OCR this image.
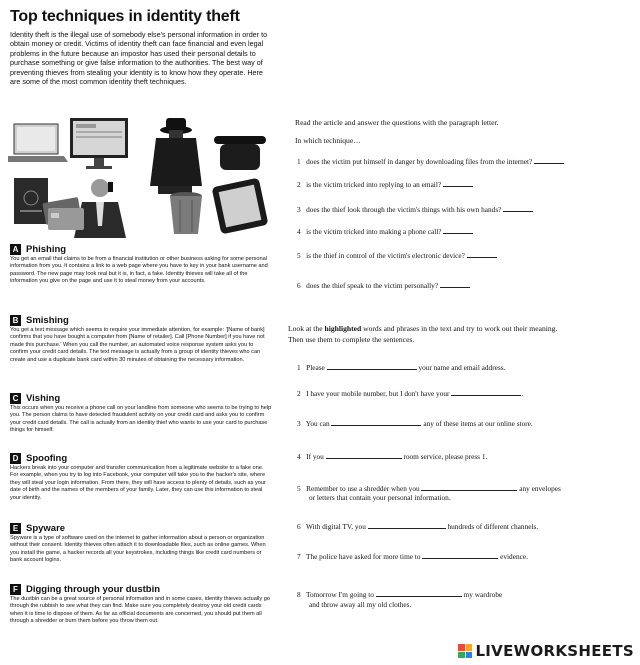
Top techniques in identity theft
Identity theft is the illegal use of somebody else's personal information in order to obtain money or credit. Victims of identity theft can face financial and even legal problems in the future because an impostor has used their personal details to purchase something or give false information to the authorities. The best way of preventing thieves from stealing your identity is to know how they operate. Here are some of the most common identity theft techniques.
A Phishing
You get an email that claims to be from a financial institution or other business asking for some personal information from you. It contains a link to a web page where you have to key in your bank username and password. The new page may look real but it is, in fact, a fake. Identity thieves will take all of the information you give on the page and use it to steal money from your accounts.
B Smishing
You get a text message which seems to require your immediate attention, for example: '[Name of bank] confirms that you have bought a computer from [Name of retailer]. Call [Phone Number] if you have not made this purchase.' When you call the number, an automated voice response system asks you to confirm your credit card details. The text message is actually from a group of identity thieves who can create and use a duplicate bank card within 30 minutes of obtaining the necessary information.
C Vishing
This occurs when you receive a phone call on your landline from someone who seems to be trying to help you. The person claims to have detected fraudulent activity on your credit card and asks you to confirm your credit card details. The call is actually from an identity thief who wants to use your card to purchase things for himself.
D Spoofing
Hackers break into your computer and transfer communication from a legitimate website to a fake one. For example, when you try to log into Facebook, your computer will take you to the hacker's site, where they will steal your login information. From there, they will have access to plenty of details, such as your date of birth and the names of the members of your family. Later, they can use this information to steal your identity.
E Spyware
Spyware is a type of software used on the internet to gather information about a person or organization without their consent. Identity thieves often attach it to downloadable files, such as online games. When you install the game, a hacker records all your keystrokes, including things like credit card numbers or bank account logins.
F Digging through your dustbin
The dustbin can be a great source of personal information and in some cases, identity thieves actually go through the rubbish to see what they can find. Make sure you completely destroy your old credit cards when it is time to dispose of them. As far as official documents are concerned, you should put them all through a shredder or burn them before you throw them out.
Read the article and answer the questions with the paragraph letter.
In which technique…
1 does the victim put himself in danger by downloading files from the internet?
2 is the victim tricked into replying to an email?
3 does the thief look through the victim's things with his own hands?
4 is the victim tricked into making a phone call?
5 is the thief in control of the victim's electronic device?
6 does the thief speak to the victim personally?
Look at the highlighted words and phrases in the text and try to work out their meaning.
Then use them to complete the sentences.
1 Please	your name and email address.
2 I have your mobile number, but I don't have your	.
3 You can	any of these items at our online store.
4 If you	room service, please press 1.
5 Remember to use a shredder when you	any envelopes
or letters that contain your personal information.
6 With digital TV, you	hundreds of different channels.
7 The police have asked for more time to	evidence.
8 Tomorrow I'm going to	my wardrobe
and throw away all my old clothes.
LIVEWORKSHEETS
